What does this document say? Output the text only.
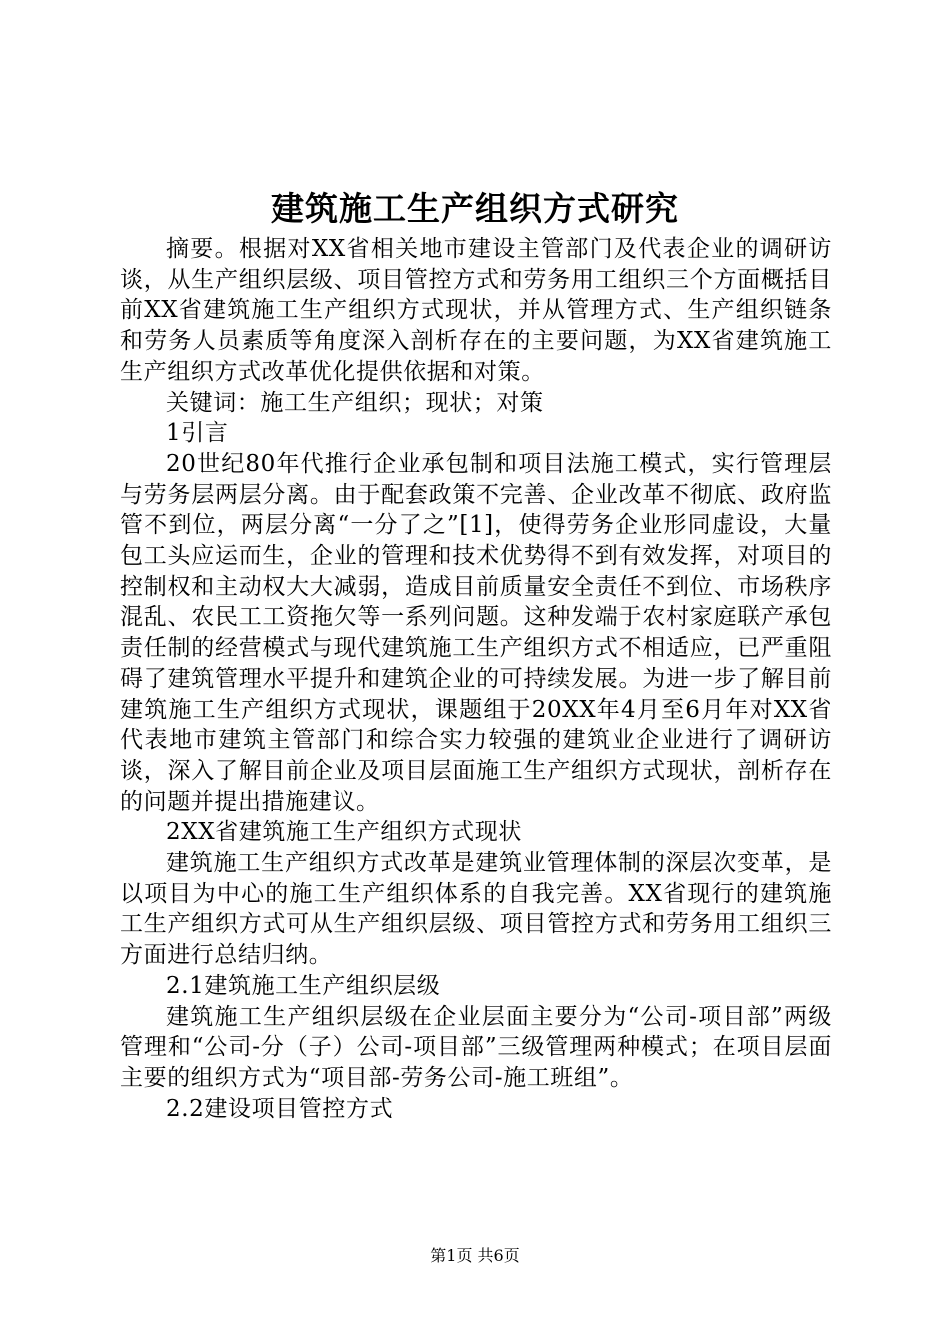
建筑施工生产组织方式研究

摘要。根据对XX省相关地市建设主管部门及代表企业的调研访谈，从生产组织层级、项目管控方式和劳务用工组织三个方面概括目前XX省建筑施工生产组织方式现状，并从管理方式、生产组织链条和劳务人员素质等角度深入剖析存在的主要问题，为XX省建筑施工生产组织方式改革优化提供依据和对策。

关键词：施工生产组织；现状；对策

1引言

20世纪80年代推行企业承包制和项目法施工模式，实行管理层与劳务层两层分离。由于配套政策不完善、企业改革不彻底、政府监管不到位，两层分离“一分了之”[1]，使得劳务企业形同虚设，大量包工头应运而生，企业的管理和技术优势得不到有效发挥，对项目的控制权和主动权大大减弱，造成目前质量安全责任不到位、市场秩序混乱、农民工工资拖欠等一系列问题。这种发端于农村家庭联产承包责任制的经营模式与现代建筑施工生产组织方式不相适应，已严重阻碍了建筑管理水平提升和建筑企业的可持续发展。为进一步了解目前建筑施工生产组织方式现状，课题组于20XX年4月至6月年对XX省代表地市建筑主管部门和综合实力较强的建筑业企业进行了调研访谈，深入了解目前企业及项目层面施工生产组织方式现状，剖析存在的问题并提出措施建议。

2XX省建筑施工生产组织方式现状

建筑施工生产组织方式改革是建筑业管理体制的深层次变革，是以项目为中心的施工生产组织体系的自我完善。XX省现行的建筑施工生产组织方式可从生产组织层级、项目管控方式和劳务用工组织三方面进行总结归纳。

2.1建筑施工生产组织层级

建筑施工生产组织层级在企业层面主要分为“公司-项目部”两级管理和“公司-分（子）公司-项目部”三级管理两种模式；在项目层面主要的组织方式为“项目部-劳务公司-施工班组”。

2.2建设项目管控方式

第1页 共6页
